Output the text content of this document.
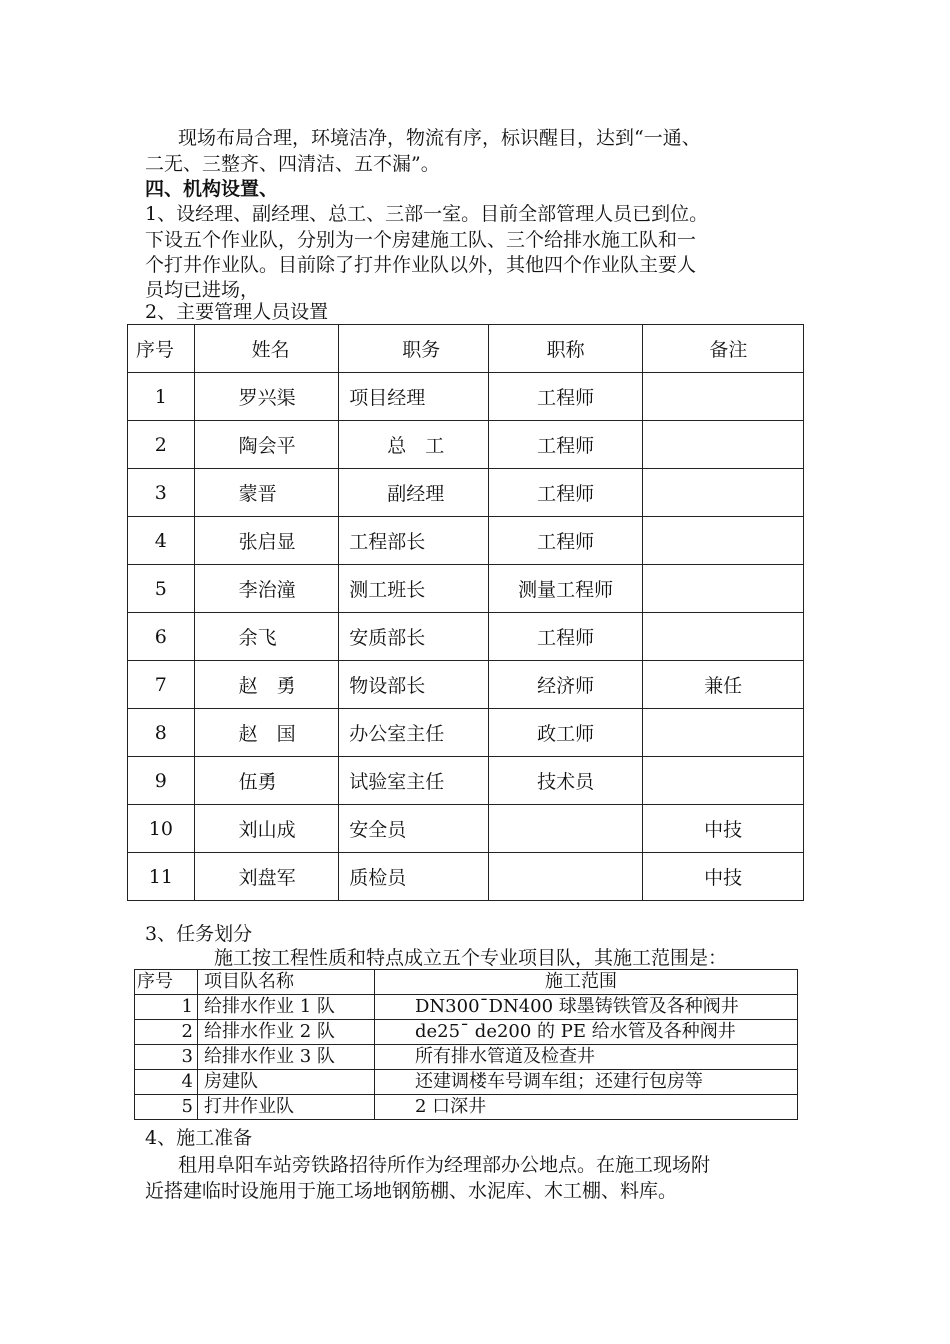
现场布局合理，环境洁净，物流有序，标识醒目，达到“一通、
二无、三整齐、四清洁、五不漏”。
四、机构设置、
1、设经理、副经理、总工、三部一室。目前全部管理人员已到位。
下设五个作业队，分别为一个房建施工队、三个给排水施工队和一
个打井作业队。目前除了打井作业队以外，其他四个作业队主要人
员均已进场，
2、主要管理人员设置
序号	姓名	职务	职称	备注
1	罗兴渠	项目经理	工程师	
2	陶会平	　　总　工	工程师	
3	蒙晋	　　副经理	工程师	
4	张启显	工程部长	工程师	
5	李治潼	测工班长	测量工程师	
6	余飞	安质部长	工程师	
7	赵　勇	物设部长	经济师	兼任
8	赵　国	办公室主任	政工师	
9	伍勇	试验室主任	技术员	
10	刘山成	安全员		中技
11	刘盘军	质检员		中技
3、任务划分
施工按工程性质和特点成立五个专业项目队，其施工范围是：
序号	项目队名称	施工范围
1	给排水作业 1 队	DN300¯DN400 球墨铸铁管及各种阀井
2	给排水作业 2 队	de25¯ de200 的 PE 给水管及各种阀井
3	给排水作业 3 队	所有排水管道及检查井
4	房建队	还建调楼车号调车组；还建行包房等
5	打井作业队	2 口深井
4、施工准备
租用阜阳车站旁铁路招待所作为经理部办公地点。在施工现场附
近搭建临时设施用于施工场地钢筋棚、水泥库、木工棚、料库。
